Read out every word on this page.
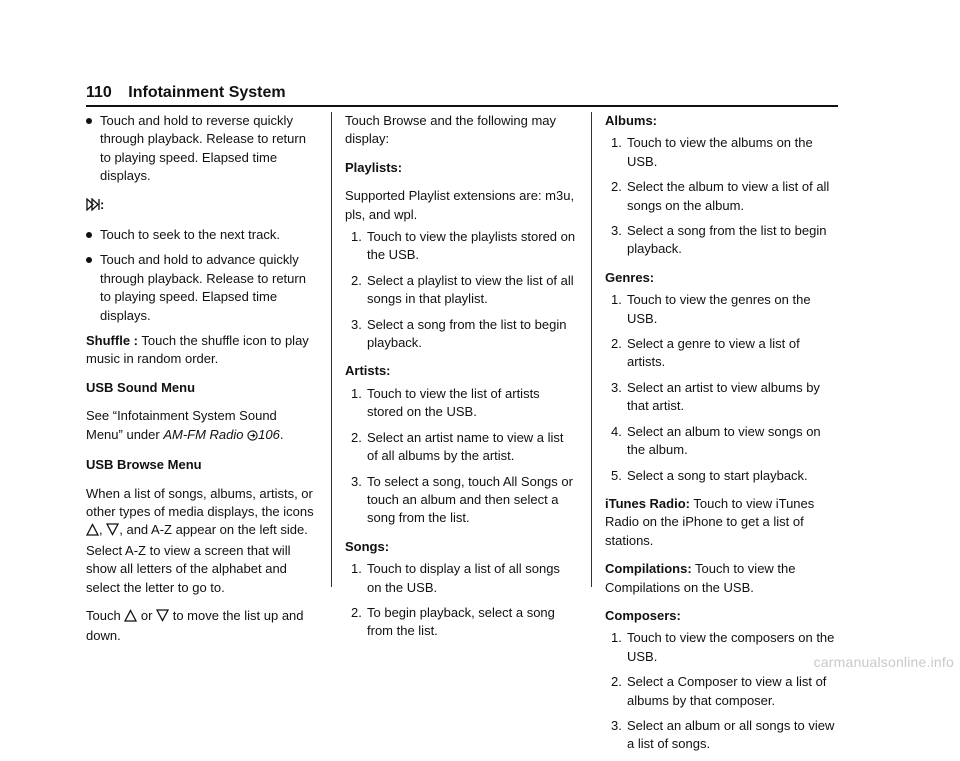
110 Infotainment System
Touch and hold to reverse quickly through playback. Release to return to playing speed. Elapsed time displays.

:

Touch to seek to the next track.
Touch and hold to advance quickly through playback. Release to return to playing speed. Elapsed time displays.

Shuffle : Touch the shuffle icon to play music in random order.

USB Sound Menu

See “Infotainment System Sound Menu” under AM-FM Radio 106.

USB Browse Menu

When a list of songs, albums, artists, or other types of media displays, the icons , , and A-Z appear on the left side. Select A-Z to view a screen that will show all letters of the alphabet and select the letter to go to.

Touch  or  to move the list up and down.

Touch Browse and the following may display:

Playlists:

Supported Playlist extensions are: m3u, pls, and wpl.

1. Touch to view the playlists stored on the USB.
2. Select a playlist to view the list of all songs in that playlist.
3. Select a song from the list to begin playback.

Artists:

1. Touch to view the list of artists stored on the USB.
2. Select an artist name to view a list of all albums by the artist.
3. To select a song, touch All Songs or touch an album and then select a song from the list.

Songs:

1. Touch to display a list of all songs on the USB.
2. To begin playback, select a song from the list.

Albums:

1. Touch to view the albums on the USB.
2. Select the album to view a list of all songs on the album.
3. Select a song from the list to begin playback.

Genres:

1. Touch to view the genres on the USB.
2. Select a genre to view a list of artists.
3. Select an artist to view albums by that artist.
4. Select an album to view songs on the album.
5. Select a song to start playback.

iTunes Radio: Touch to view iTunes Radio on the iPhone to get a list of stations.

Compilations: Touch to view the Compilations on the USB.

Composers:

1. Touch to view the composers on the USB.
2. Select a Composer to view a list of albums by that composer.
3. Select an album or all songs to view a list of songs.
carmanualsonline.info
